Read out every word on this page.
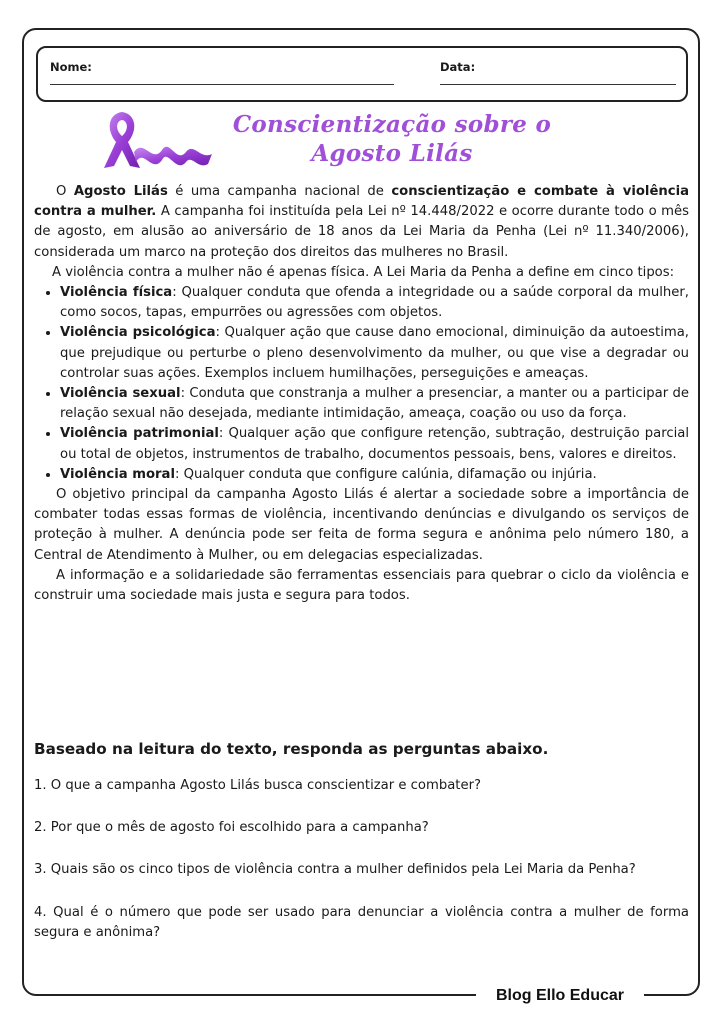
Nome:	Data:
Conscientização sobre o
Agosto Lilás

O Agosto Lilás é uma campanha nacional de conscientização e combate à violência contra a mulher. A campanha foi instituída pela Lei nº 14.448/2022 e ocorre durante todo o mês de agosto, em alusão ao aniversário de 18 anos da Lei Maria da Penha (Lei nº 11.340/2006), considerada um marco na proteção dos direitos das mulheres no Brasil.

A violência contra a mulher não é apenas física. A Lei Maria da Penha a define em cinco tipos:

• Violência física: Qualquer conduta que ofenda a integridade ou a saúde corporal da mulher, como socos, tapas, empurrões ou agressões com objetos.
• Violência psicológica: Qualquer ação que cause dano emocional, diminuição da autoestima, que prejudique ou perturbe o pleno desenvolvimento da mulher, ou que vise a degradar ou controlar suas ações. Exemplos incluem humilhações, perseguições e ameaças.
• Violência sexual: Conduta que constranja a mulher a presenciar, a manter ou a participar de relação sexual não desejada, mediante intimidação, ameaça, coação ou uso da força.
• Violência patrimonial: Qualquer ação que configure retenção, subtração, destruição parcial ou total de objetos, instrumentos de trabalho, documentos pessoais, bens, valores e direitos.
• Violência moral: Qualquer conduta que configure calúnia, difamação ou injúria.

O objetivo principal da campanha Agosto Lilás é alertar a sociedade sobre a importância de combater todas essas formas de violência, incentivando denúncias e divulgando os serviços de proteção à mulher. A denúncia pode ser feita de forma segura e anônima pelo número 180, a Central de Atendimento à Mulher, ou em delegacias especializadas.

A informação e a solidariedade são ferramentas essenciais para quebrar o ciclo da violência e construir uma sociedade mais justa e segura para todos.

Baseado na leitura do texto, responda as perguntas abaixo.

1. O que a campanha Agosto Lilás busca conscientizar e combater?

2. Por que o mês de agosto foi escolhido para a campanha?

3. Quais são os cinco tipos de violência contra a mulher definidos pela Lei Maria da Penha?

4. Qual é o número que pode ser usado para denunciar a violência contra a mulher de forma segura e anônima?

Blog Ello Educar
